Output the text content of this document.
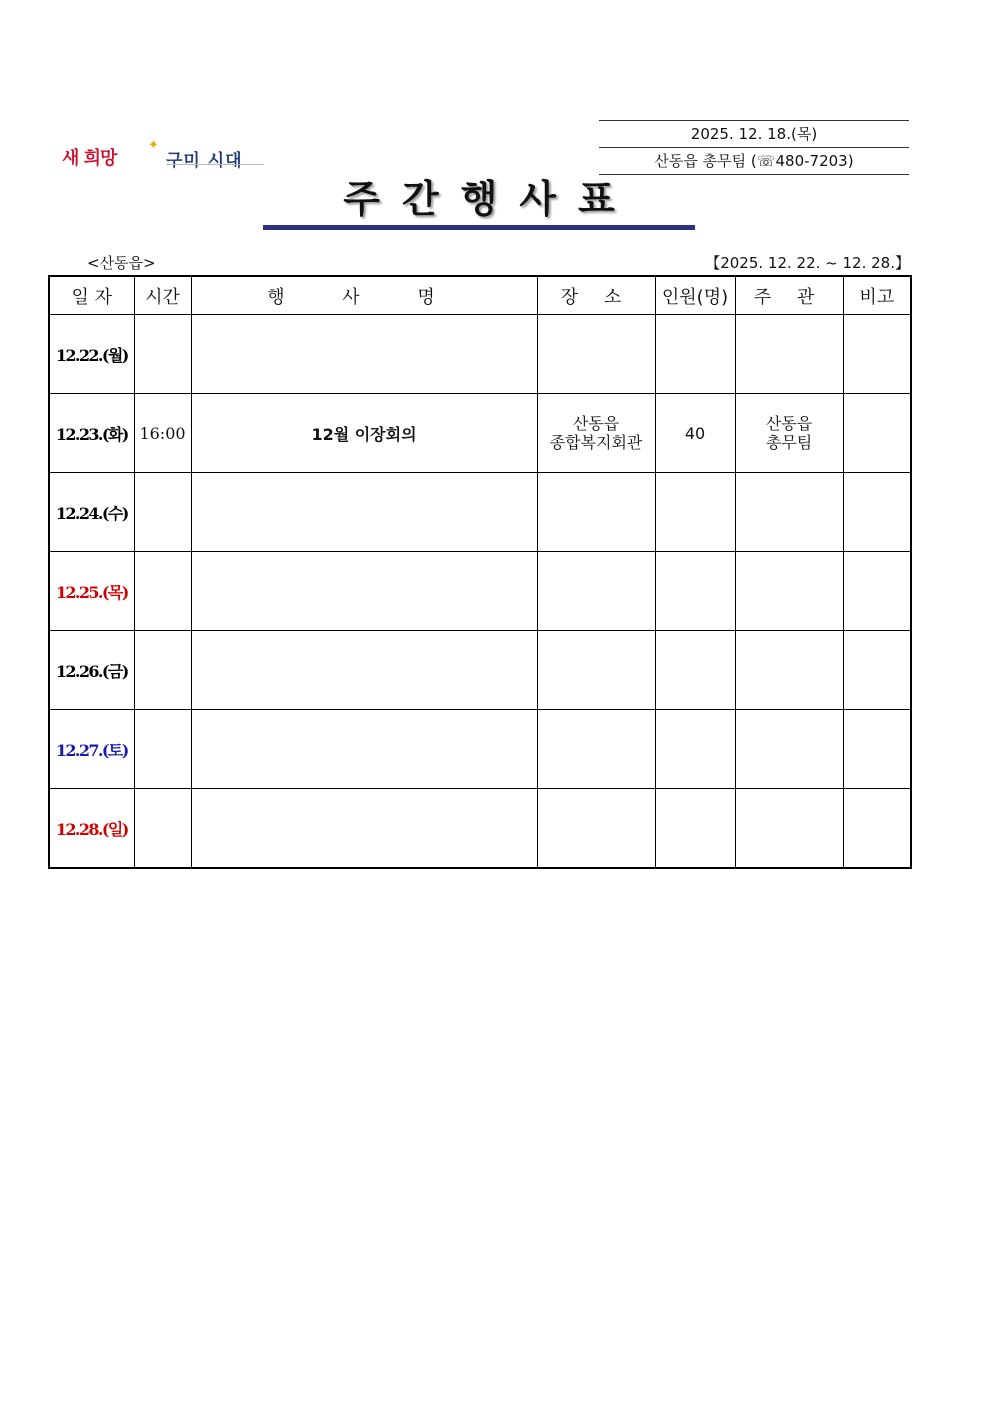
새 희망
✦
구미 시대
2025. 12. 18.(목)
산동읍 총무팀 (☏480-7203)
주간행사표
<산동읍>	【2025. 12. 22. ~ 12. 28.】
일 자	시간	행 사 명	장 소	인원(명)	주 관	비고
12.22.(월)			

12.23.(화)	16:00	12월 이장회의	산동읍
종합복지회관	40	산동읍
총무팀	

12.24.(수)			

12.25.(목)			

12.26.(금)			

12.27.(토)			

12.28.(일)			
